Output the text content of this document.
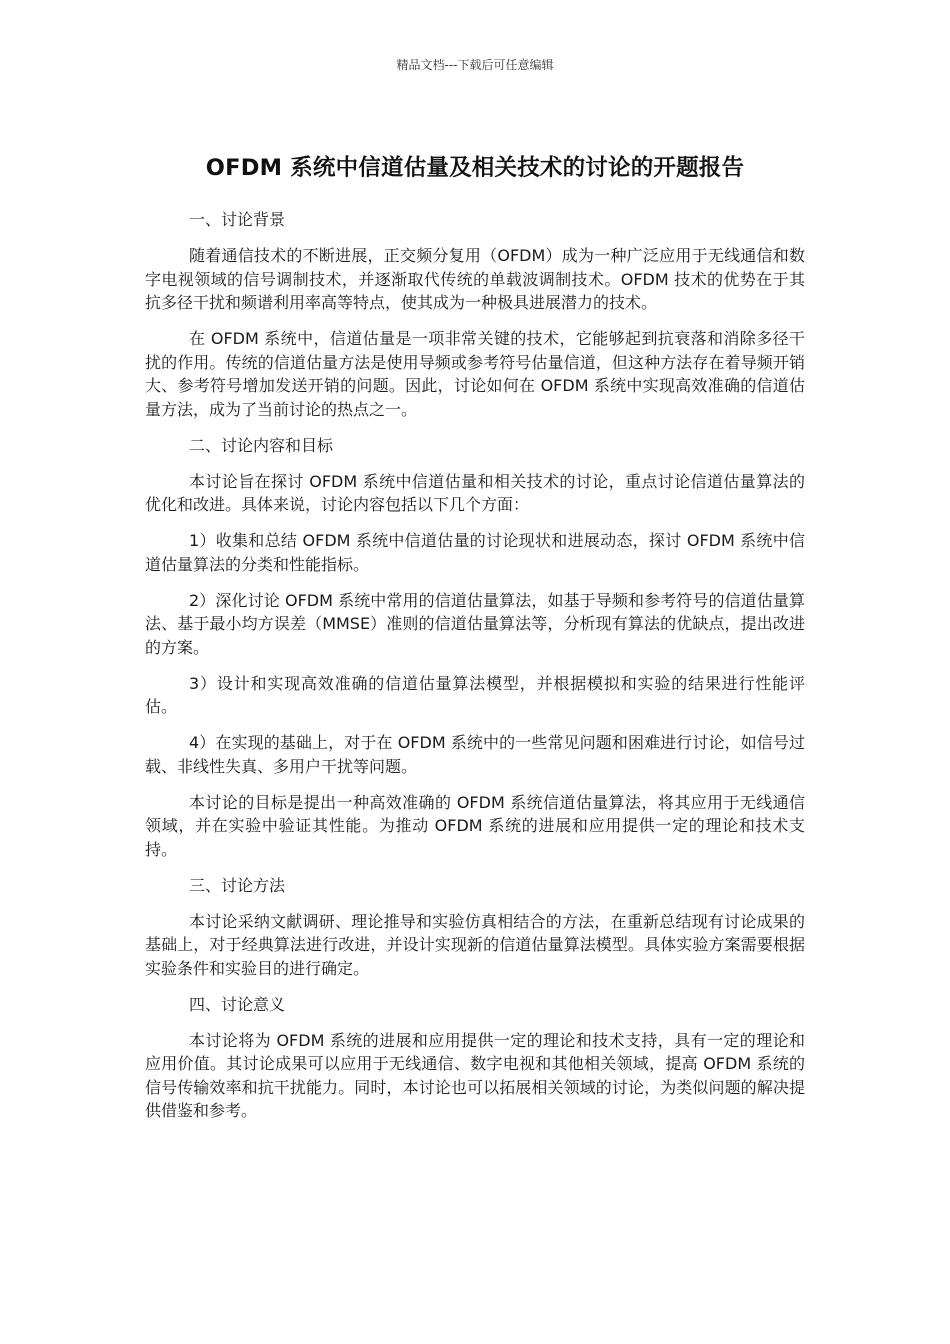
精品文档---下载后可任意编辑
OFDM 系统中信道估量及相关技术的讨论的开题报告

一、讨论背景

随着通信技术的不断进展，正交频分复用（OFDM）成为一种广泛应用于无线通信和数字电视领域的信号调制技术，并逐渐取代传统的单载波调制技术。OFDM 技术的优势在于其抗多径干扰和频谱利用率高等特点，使其成为一种极具进展潜力的技术。

在 OFDM 系统中，信道估量是一项非常关键的技术，它能够起到抗衰落和消除多径干扰的作用。传统的信道估量方法是使用导频或参考符号估量信道，但这种方法存在着导频开销大、参考符号增加发送开销的问题。因此，讨论如何在 OFDM 系统中实现高效准确的信道估量方法，成为了当前讨论的热点之一。

二、讨论内容和目标

本讨论旨在探讨 OFDM 系统中信道估量和相关技术的讨论，重点讨论信道估量算法的优化和改进。具体来说，讨论内容包括以下几个方面：

1）收集和总结 OFDM 系统中信道估量的讨论现状和进展动态，探讨 OFDM 系统中信道估量算法的分类和性能指标。

2）深化讨论 OFDM 系统中常用的信道估量算法，如基于导频和参考符号的信道估量算法、基于最小均方误差（MMSE）准则的信道估量算法等，分析现有算法的优缺点，提出改进的方案。

3）设计和实现高效准确的信道估量算法模型，并根据模拟和实验的结果进行性能评估。

4）在实现的基础上，对于在 OFDM 系统中的一些常见问题和困难进行讨论，如信号过载、非线性失真、多用户干扰等问题。

本讨论的目标是提出一种高效准确的 OFDM 系统信道估量算法，将其应用于无线通信领域，并在实验中验证其性能。为推动 OFDM 系统的进展和应用提供一定的理论和技术支持。

三、讨论方法

本讨论采纳文献调研、理论推导和实验仿真相结合的方法，在重新总结现有讨论成果的基础上，对于经典算法进行改进，并设计实现新的信道估量算法模型。具体实验方案需要根据实验条件和实验目的进行确定。

四、讨论意义

本讨论将为 OFDM 系统的进展和应用提供一定的理论和技术支持，具有一定的理论和应用价值。其讨论成果可以应用于无线通信、数字电视和其他相关领域，提高 OFDM 系统的信号传输效率和抗干扰能力。同时，本讨论也可以拓展相关领域的讨论，为类似问题的解决提供借鉴和参考。
